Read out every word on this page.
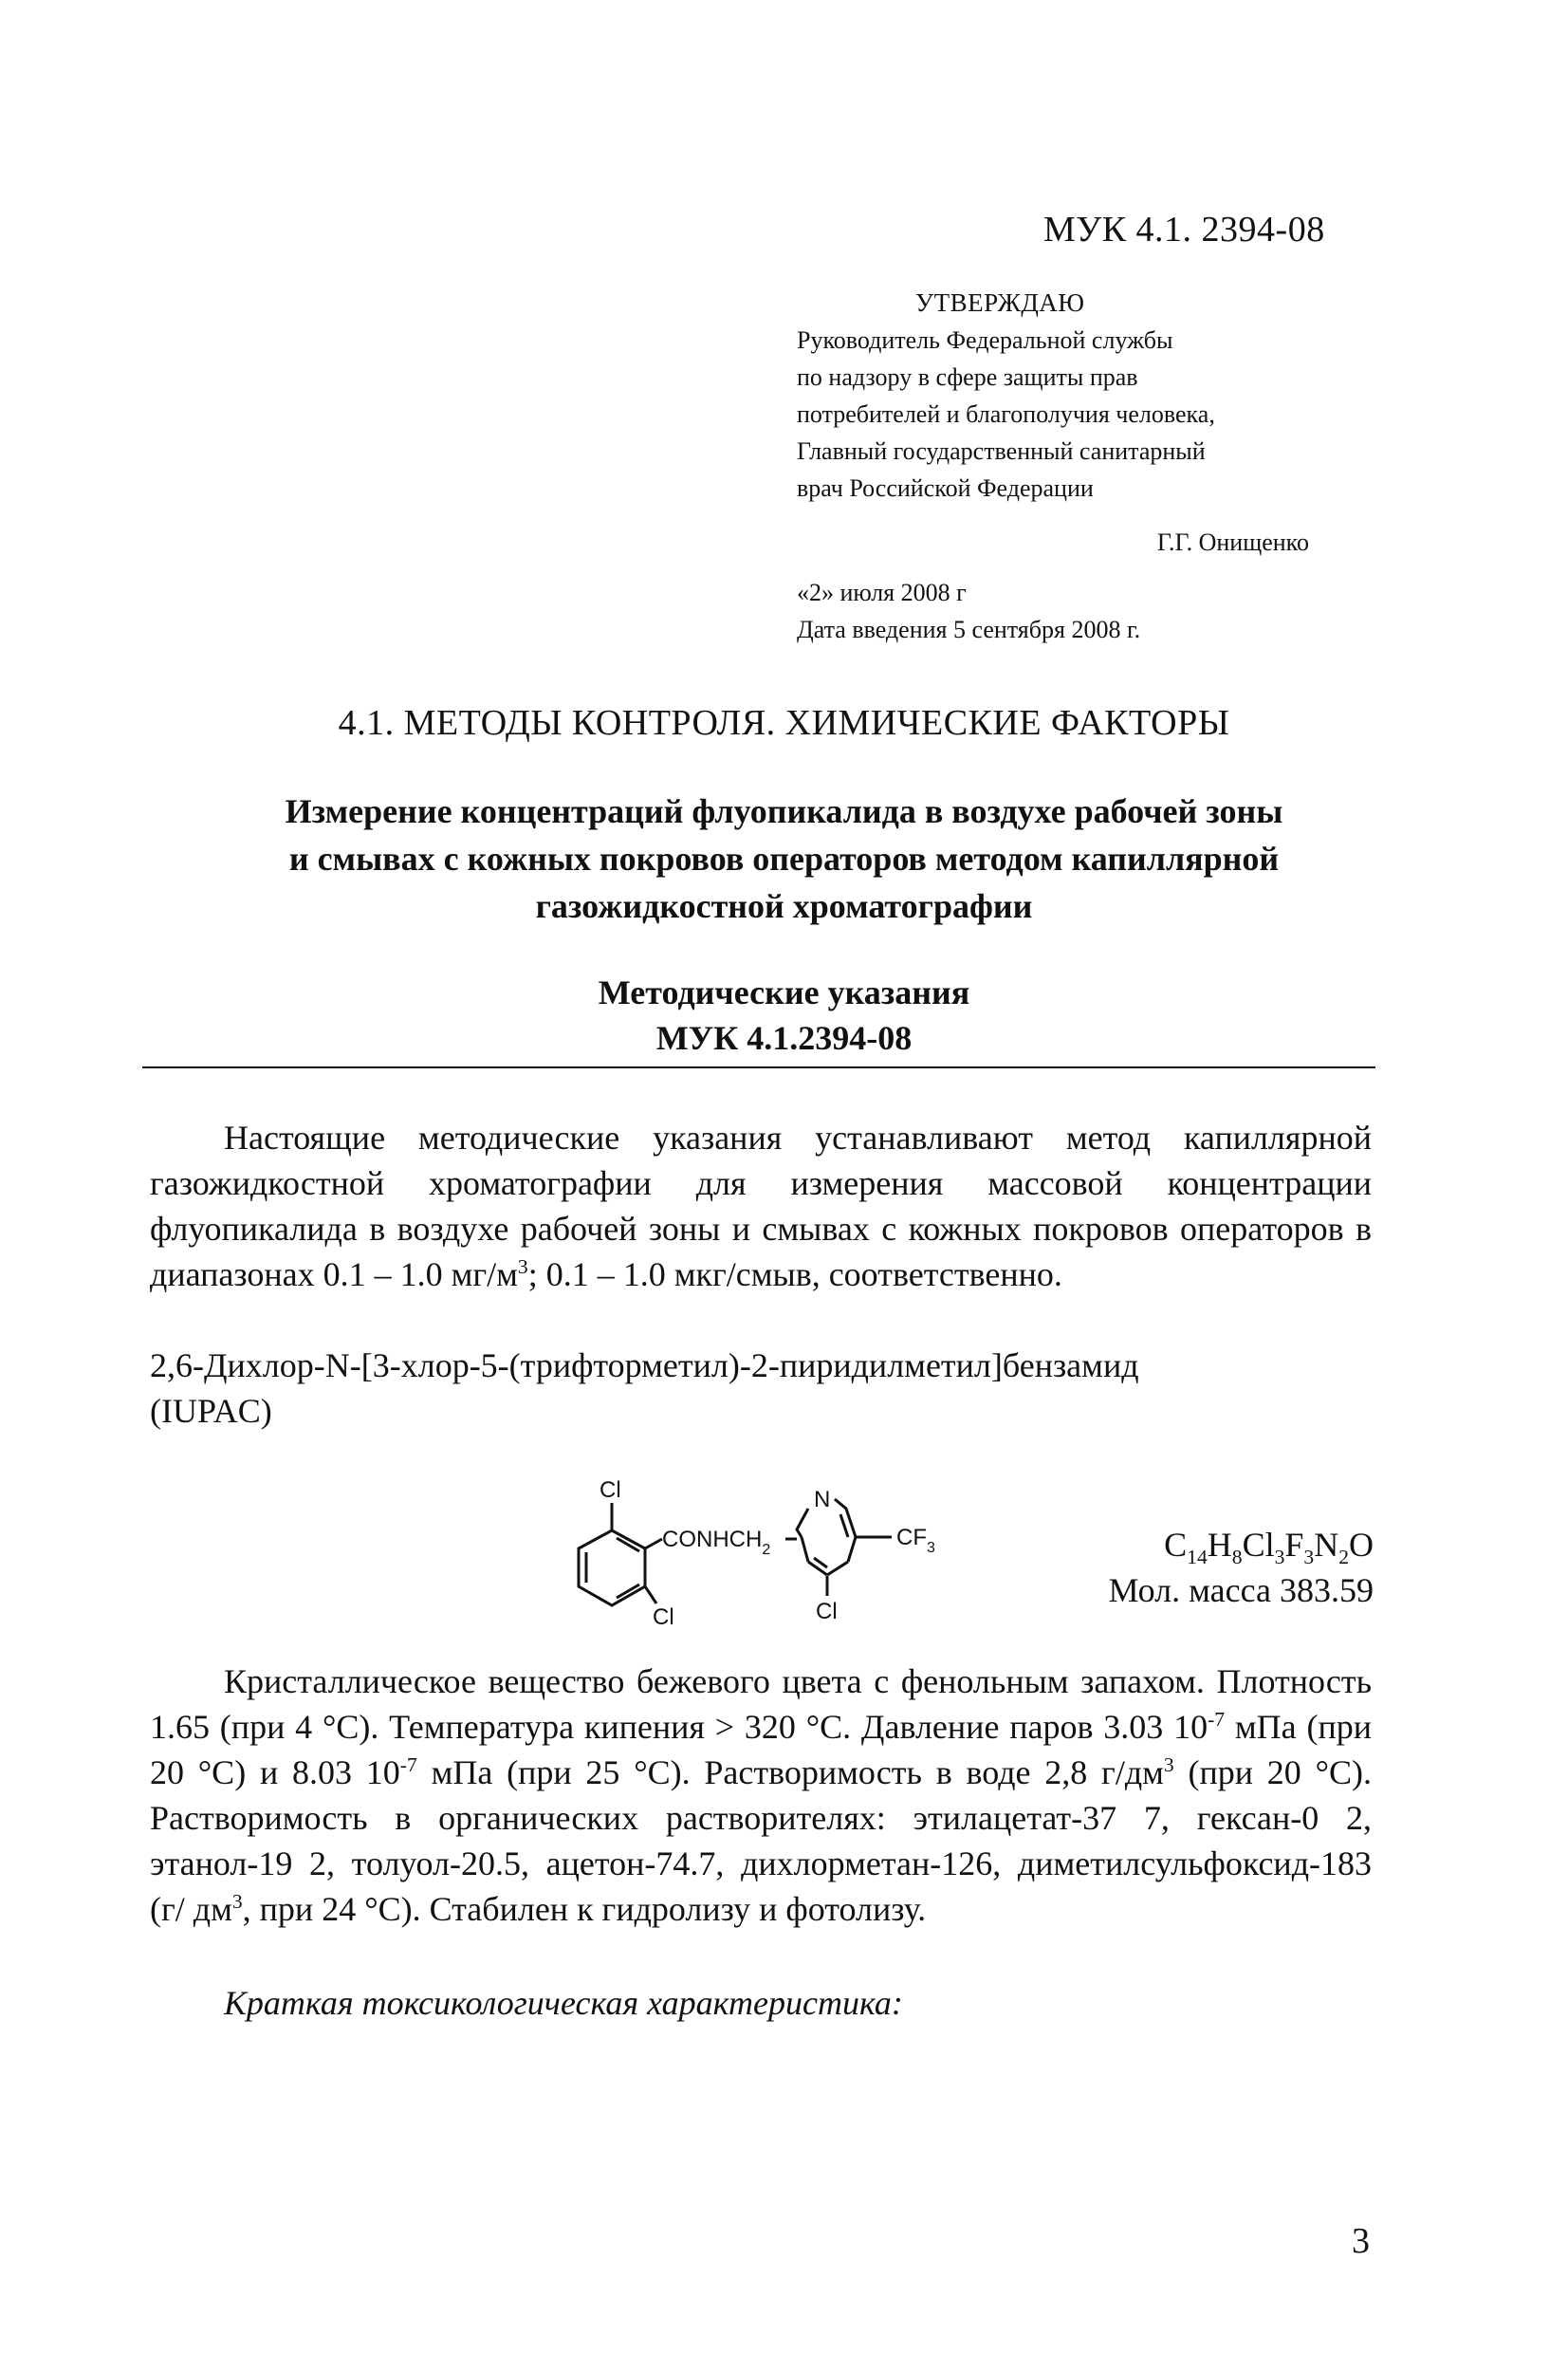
МУК 4.1. 2394-08
УТВЕРЖДАЮ
Руководитель Федеральной службы
по надзору в сфере защиты прав
потребителей и благополучия человека,
Главный государственный санитарный
врач Российской Федерации
Г.Г. Онищенко
«2» июля 2008 г
Дата введения 5 сентября 2008 г.
4.1. МЕТОДЫ КОНТРОЛЯ. ХИМИЧЕСКИЕ ФАКТОРЫ
Измерение концентраций флуопикалида в воздухе рабочей зоны
и смывах с кожных покровов операторов методом капиллярной
газожидкостной хроматографии
Методические указания
МУК 4.1.2394-08
Настоящие методические указания устанавливают метод капиллярной газожидкостной хроматографии для измерения массовой концентрации флуопикалида в воздухе рабочей зоны и смывах с кожных покровов операторов в диапазонах 0.1 – 1.0 $мг/м^3$; 0.1 – 1.0 мкг/смыв, соответственно.
2,6-Дихлор-N-[3-хлор-5-(трифторметил)-2-пиридилметил]бензамид
(IUPAC)
Cl
$CONHCH_2$
N
$CF_3$
Cl	Cl
$C_{14}H_8Cl_3F_3N_2O$
Мол. масса 383.59
Кристаллическое вещество бежевого цвета с фенольным запахом. Плотность 1.65 (при 4 °С). Температура кипения > 320 °С. Давление паров 3.03 $10^{-7}$ мПа (при 20 °С) и 8.03 $10^{-7}$ мПа (при 25 °С). Растворимость в воде 2,8 $г/дм^3$ (при 20 °С). Растворимость в органических растворителях: этилацетат-37 7, гексан-0 2, этанол-19 2, толуол-20.5, ацетон-74.7, дихлорметан-126, диметилсульфоксид-183 (г/ $дм^3$, при 24 °С). Стабилен к гидролизу и фотолизу.
Краткая токсикологическая характеристика:
3
